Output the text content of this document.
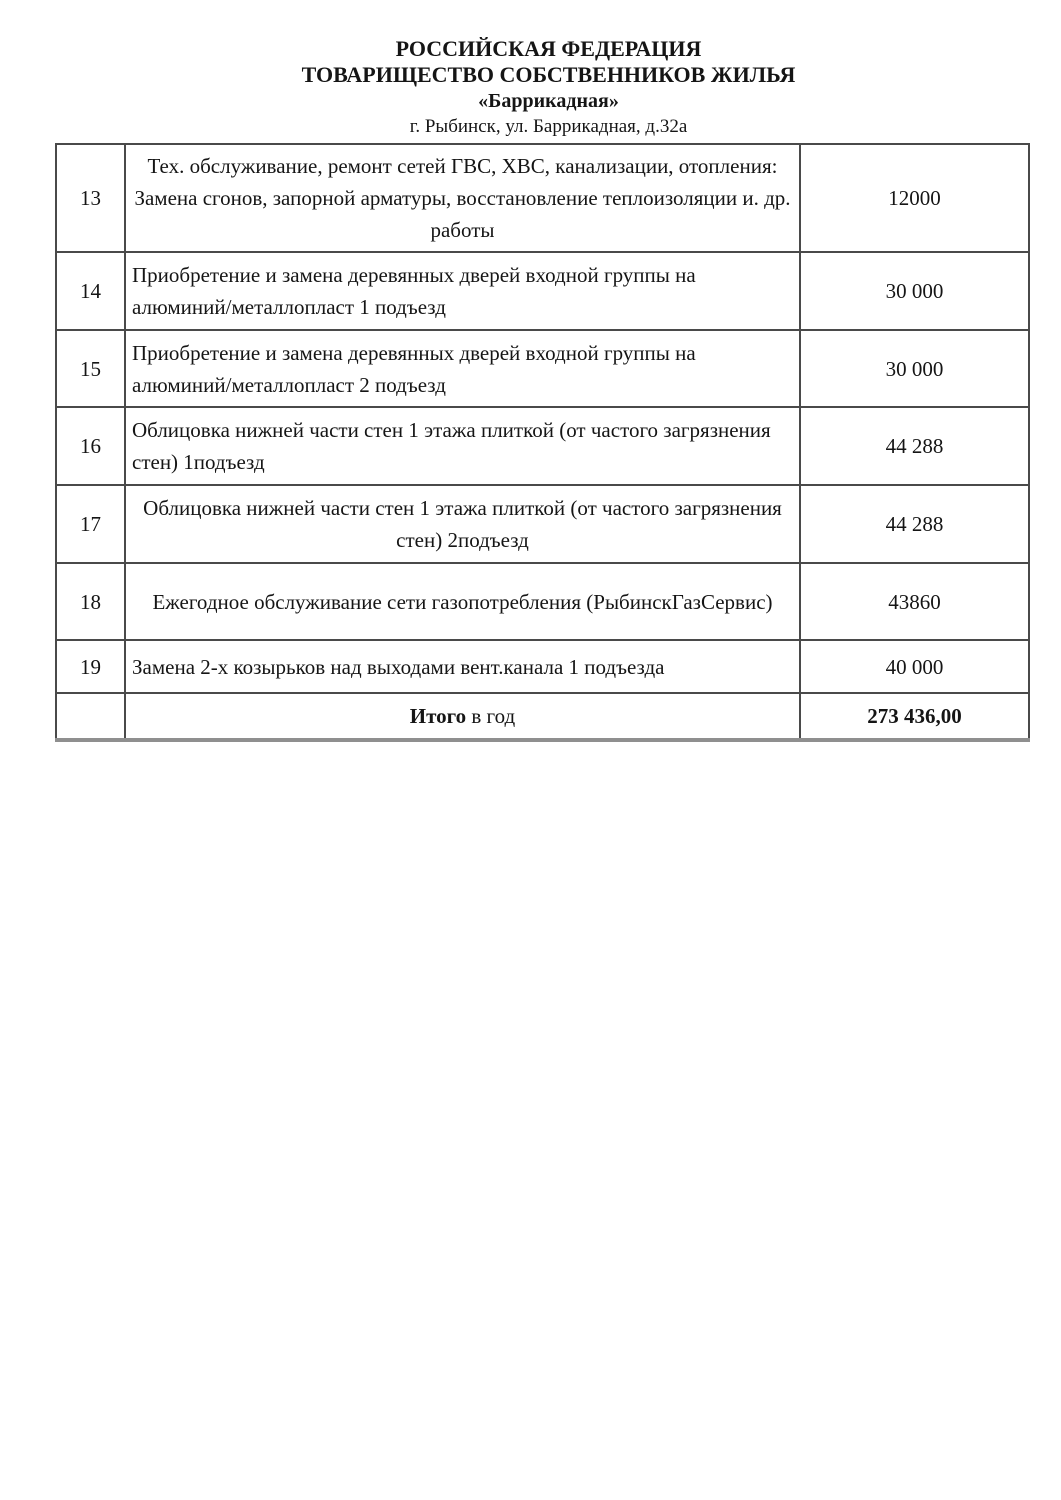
РОССИЙСКАЯ ФЕДЕРАЦИЯ
ТОВАРИЩЕСТВО СОБСТВЕННИКОВ ЖИЛЬЯ
«Баррикадная»
г. Рыбинск, ул. Баррикадная, д.32а
13	Тех. обслуживание, ремонт сетей ГВС, ХВС, канализации, отопления: Замена сгонов, запорной арматуры, восстановление теплоизоляции и. др. работы	12000
14	Приобретение и замена деревянных дверей входной группы на алюминий/металлопласт 1 подъезд	30 000
15	Приобретение и замена деревянных дверей входной группы на алюминий/металлопласт 2 подъезд	30 000
16	Облицовка нижней части стен 1 этажа плиткой (от частого загрязнения стен) 1подъезд	44 288
17	Облицовка нижней части стен 1 этажа плиткой (от частого загрязнения стен) 2подъезд	44 288
18	Ежегодное обслуживание сети газопотребления (РыбинскГазСервис)	43860
19	Замена 2-х козырьков над выходами вент.канала 1 подъезда	40 000
	Итого в год	273 436,00
